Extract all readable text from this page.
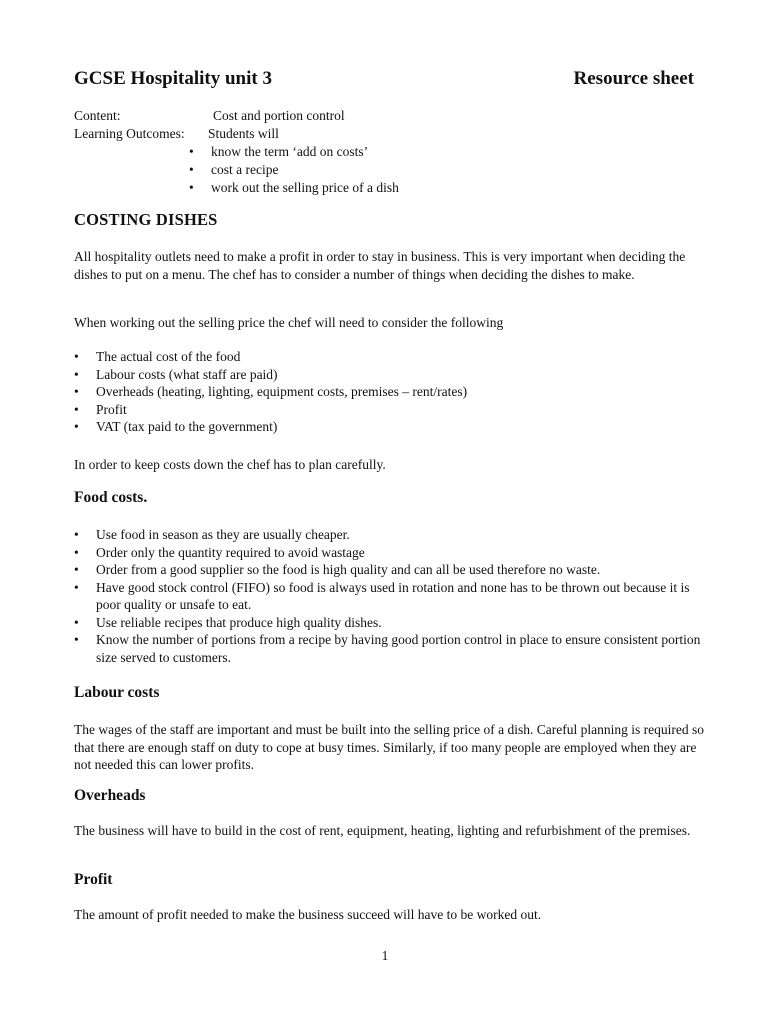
GCSE Hospitality unit 3	Resource sheet
Content:	Cost and portion control
Learning Outcomes: Students will
• know the term ‘add on costs’
• cost a recipe
• work out the selling price of a dish
COSTING DISHES

All hospitality outlets need to make a profit in order to stay in business. This is very important when deciding the dishes to put on a menu. The chef has to consider a number of things when deciding the dishes to make.

When working out the selling price the chef will need to consider the following

• The actual cost of the food
• Labour costs (what staff are paid)
• Overheads (heating, lighting, equipment costs, premises – rent/rates)
• Profit
• VAT (tax paid to the government)

In order to keep costs down the chef has to plan carefully.

Food costs.
• Use food in season as they are usually cheaper.
• Order only the quantity required to avoid wastage
• Order from a good supplier so the food is high quality and can all be used therefore no waste.
• Have good stock control (FIFO) so food is always used in rotation and none has to be thrown out because it is poor quality or unsafe to eat.
• Use reliable recipes that produce high quality dishes.
• Know the number of portions from a recipe by having good portion control in place to ensure consistent portion size served to customers.
Labour costs

The wages of the staff are important and must be built into the selling price of a dish. Careful planning is required so that there are enough staff on duty to cope at busy times. Similarly, if too many people are employed when they are not needed this can lower profits.

Overheads

The business will have to build in the cost of rent, equipment, heating, lighting and refurbishment of the premises.

Profit

The amount of profit needed to make the business succeed will have to be worked out.

1
